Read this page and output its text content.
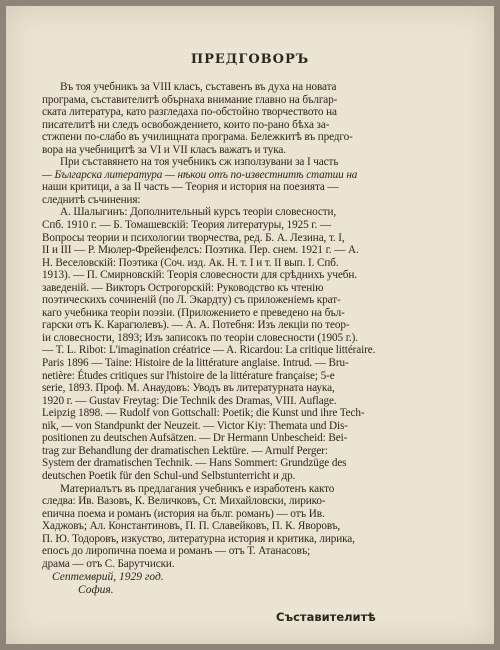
ПРЕДГОВОРЪ
Въ тоя учебникъ за VIII класъ, съставенъ въ духа на новата
програма, съставителитѣ обърнаха внимание главно на българ-
ската литература, като разгледаха по-обстойно творчеството на
писателитѣ ни следъ освобождението, които по-рано бѣха за-
стжпени по-слабо въ училищната програма. Бележкитѣ въ предго-
вора на учебницитѣ за VI и VII класъ важатъ и тука.
При съставянето на тоя учебникъ сж използувани за I часть
— Българска литература — нѣкои отъ по-известнитѣ статии на
наши критици, а за II часть — Теория и история на поезията —
следнитѣ съчинения:
А. Шалыгинъ: Дополнительный курсъ теоріи словесности,
Спб. 1910 г. — Б. Томашевскій: Теория литературы, 1925 г. —
Вопросы теории и психологии творчества, ред. Б. А. Лезина, т. I,
II и III — Р. Мюлер-Фрейенфелсъ: Поэтика. Пер. снем. 1921 г. — А.
Н. Веселовскій: Поэтика (Соч. изд. Ак. Н. т. I и т. II вып. I. Спб.
1913). — П. Смирновскій: Теорія словесности для срѣднихъ учебн.
заведеній. — Викторъ Острогорскій: Руководство къ чтенію
поэтическихъ сочиненій (по Л. Экардту) съ приложеніемъ крат-
каго учебника теоріи поэзіи. (Приложението е преведено на бъл-
гарски отъ К. Карагюлевъ). — А. А. Потебня: Изъ лекціи по теор-
іи словесности, 1893; Изъ записокъ по теоріи словесности (1905 г.).
— Т. L. Ribot: L'imagination créatrice — A. Ricardou: La critique littéraire.
Paris 1896 — Taine: Histoire de la littérature anglaise. Intrud. — Bru-
netière: Études critiques sur l'histoire de la littérature française; 5-e
serie, 1893. Проф. М. Анаудовъ: Уводъ въ литературната наука,
1920 г. — Gustav Freytag: Die Technik des Dramas, VIII. Auflage.
Leipzig 1898. — Rudolf von Gottschall: Poetik; die Kunst und ihre Tech-
nik, — von Standpunkt der Neuzeit. — Victor Kiy: Themata und Dis-
positionen zu deutschen Aufsätzen. — Dr Hermann Unbescheid: Bei-
trag zur Behandlung der dramatischen Lektüre. — Arnulf Perger:
System der dramatischen Technik. — Hans Sommert: Grundzüge des
deutschen Poetik für den Schul-und Selbstunterricht и др.
Материалътъ въ предлагания учебникъ е изработенъ както
следва: Ив. Вазовъ, К. Величковъ, Ст. Михайловски, лирико-
епична поема и романъ (история на бълг. романъ) — отъ Ив.
Хаджовъ; Ал. Константиновъ, П. П. Славейковъ, П. К. Яворовъ,
П. Ю. Тодоровъ, изкуство, литературна история и критика, лирика,
епосъ до лиропична поема и романъ — отъ Т. Атанасовъ;
драма — отъ С. Барутчиски.
Септемврий, 1929 год.
София.
Съставителитѣ
